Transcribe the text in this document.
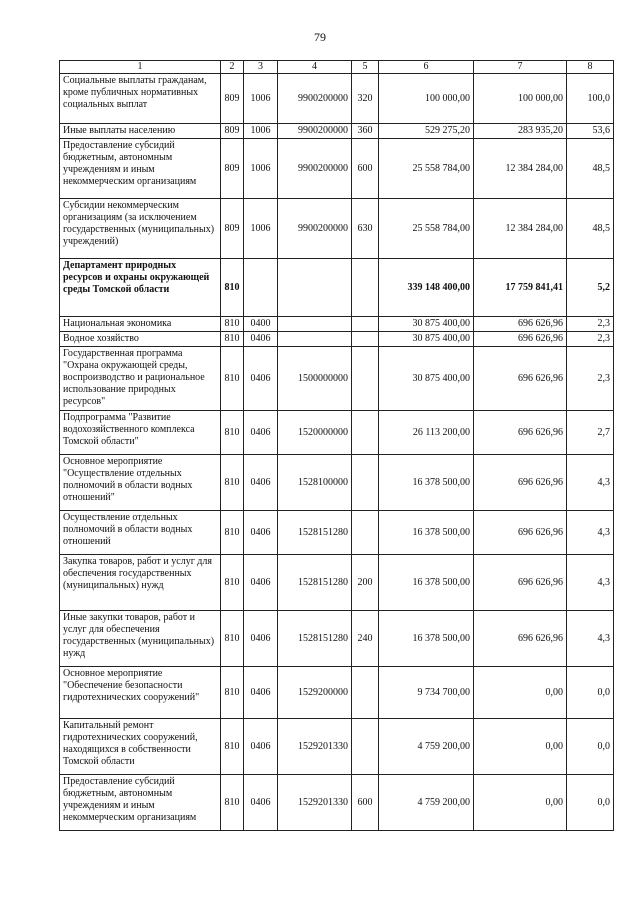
79
1	2	3	4	5	6	7	8
Социальные выплаты гражданам, кроме публичных нормативных социальных выплат	809	1006	9900200000	320	100 000,00	100 000,00	100,0
Иные выплаты населению	809	1006	9900200000	360	529 275,20	283 935,20	53,6
Предоставление субсидий бюджетным, автономным учреждениям и иным некоммерческим организациям	809	1006	9900200000	600	25 558 784,00	12 384 284,00	48,5
Субсидии некоммерческим организациям (за исключением государственных (муниципальных) учреждений)	809	1006	9900200000	630	25 558 784,00	12 384 284,00	48,5
Департамент природных ресурсов и охраны окружающей среды Томской области	810				339 148 400,00	17 759 841,41	5,2
Национальная экономика	810	0400			30 875 400,00	696 626,96	2,3
Водное хозяйство	810	0406			30 875 400,00	696 626,96	2,3
Государственная программа "Охрана окружающей среды, воспроизводство и рациональное использование природных ресурсов"	810	0406	1500000000		30 875 400,00	696 626,96	2,3
Подпрограмма "Развитие водохозяйственного комплекса Томской области"	810	0406	1520000000		26 113 200,00	696 626,96	2,7
Основное мероприятие "Осуществление отдельных полномочий в области водных отношений"	810	0406	1528100000		16 378 500,00	696 626,96	4,3
Осуществление отдельных полномочий в области водных отношений	810	0406	1528151280		16 378 500,00	696 626,96	4,3
Закупка товаров, работ и услуг для обеспечения государственных (муниципальных) нужд	810	0406	1528151280	200	16 378 500,00	696 626,96	4,3
Иные закупки товаров, работ и услуг для обеспечения государственных (муниципальных) нужд	810	0406	1528151280	240	16 378 500,00	696 626,96	4,3
Основное мероприятие "Обеспечение безопасности гидротехнических сооружений"	810	0406	1529200000		9 734 700,00	0,00	0,0
Капитальный ремонт гидротехнических сооружений, находящихся в собственности Томской области	810	0406	1529201330		4 759 200,00	0,00	0,0
Предоставление субсидий бюджетным, автономным учреждениям и иным некоммерческим организациям	810	0406	1529201330	600	4 759 200,00	0,00	0,0
